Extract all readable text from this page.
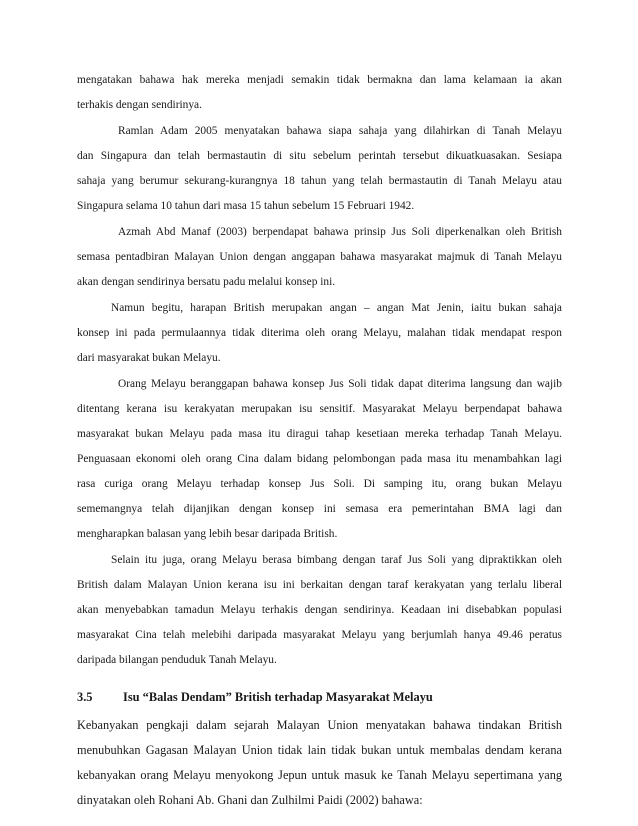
mengatakan bahawa hak mereka menjadi semakin tidak bermakna dan lama kelamaan ia akan
terhakis dengan sendirinya.
Ramlan Adam 2005 menyatakan bahawa siapa sahaja yang dilahirkan di Tanah Melayu
dan Singapura dan telah bermastautin di situ sebelum perintah tersebut dikuatkuasakan. Sesiapa
sahaja yang berumur sekurang-kurangnya 18 tahun yang telah bermastautin di Tanah Melayu atau
Singapura selama 10 tahun dari masa 15 tahun sebelum 15 Februari 1942.
Azmah Abd Manaf (2003) berpendapat bahawa prinsip Jus Soli diperkenalkan oleh British
semasa pentadbiran Malayan Union dengan anggapan bahawa masyarakat majmuk di Tanah Melayu
akan dengan sendirinya bersatu padu melalui konsep ini.
Namun begitu, harapan British merupakan angan – angan Mat Jenin, iaitu bukan sahaja
konsep ini pada permulaannya tidak diterima oleh orang Melayu, malahan tidak mendapat respon
dari masyarakat bukan Melayu.
Orang Melayu beranggapan bahawa konsep Jus Soli tidak dapat diterima langsung dan wajib
ditentang kerana isu kerakyatan merupakan isu sensitif. Masyarakat Melayu berpendapat bahawa
masyarakat bukan Melayu pada masa itu diragui tahap kesetiaan mereka terhadap Tanah Melayu.
Penguasaan ekonomi oleh orang Cina dalam bidang pelombongan pada masa itu menambahkan lagi
rasa curiga orang Melayu terhadap konsep Jus Soli. Di samping itu, orang bukan Melayu
sememangnya telah dijanjikan dengan konsep ini semasa era pemerintahan BMA lagi dan
mengharapkan balasan yang lebih besar daripada British.
Selain itu juga, orang Melayu berasa bimbang dengan taraf Jus Soli yang dipraktikkan oleh
British dalam Malayan Union kerana isu ini berkaitan dengan taraf kerakyatan yang terlalu liberal
akan menyebabkan tamadun Melayu terhakis dengan sendirinya. Keadaan ini disebabkan populasi
masyarakat Cina telah melebihi daripada masyarakat Melayu yang berjumlah hanya 49.46 peratus
daripada bilangan penduduk Tanah Melayu.
3.5 Isu “Balas Dendam” British terhadap Masyarakat Melayu
Kebanyakan pengkaji dalam sejarah Malayan Union menyatakan bahawa tindakan British
menubuhkan Gagasan Malayan Union tidak lain tidak bukan untuk membalas dendam kerana
kebanyakan orang Melayu menyokong Jepun untuk masuk ke Tanah Melayu sepertimana yang
dinyatakan oleh Rohani Ab. Ghani dan Zulhilmi Paidi (2002) bahawa:
